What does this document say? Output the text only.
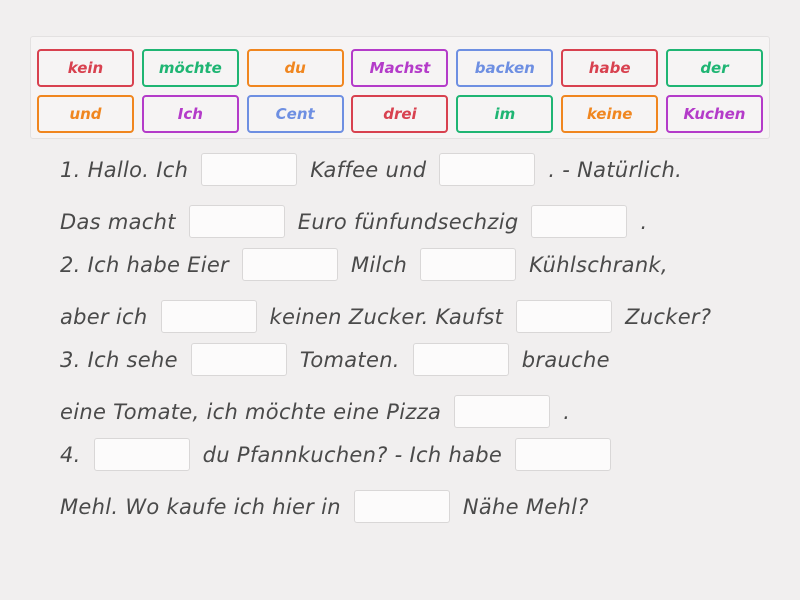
kein	möchte	du	Machst	backen	habe	der
und	Ich	Cent	drei	im	keine	Kuchen
1. Hallo. Ich	Kaffee und	. - Natürlich.
Das macht	Euro fünfundsechzig	.
2. Ich habe Eier	Milch	Kühlschrank,
aber ich	keinen Zucker. Kaufst	Zucker?
3. Ich sehe	Tomaten.	brauche
eine Tomate, ich möchte eine Pizza	.
4.	du Pfannkuchen? - Ich habe
Mehl. Wo kaufe ich hier in	Nähe Mehl?
